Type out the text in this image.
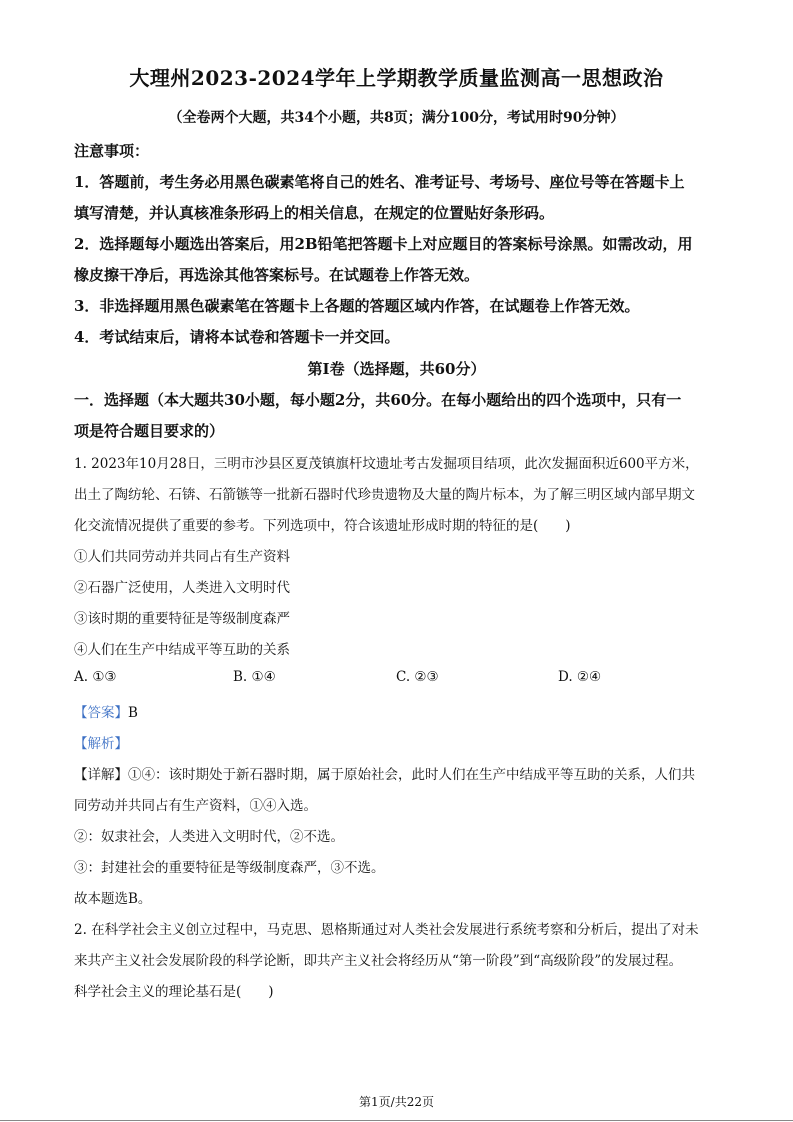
大理州2023-2024学年上学期教学质量监测高一思想政治
（全卷两个大题，共34个小题，共8页；满分100分，考试用时90分钟）
注意事项：
1．答题前，考生务必用黑色碳素笔将自己的姓名、准考证号、考场号、座位号等在答题卡上
填写清楚，并认真核准条形码上的相关信息，在规定的位置贴好条形码。
2．选择题每小题选出答案后，用2B铅笔把答题卡上对应题目的答案标号涂黑。如需改动，用
橡皮擦干净后，再选涂其他答案标号。在试题卷上作答无效。
3．非选择题用黑色碳素笔在答题卡上各题的答题区域内作答，在试题卷上作答无效。
4．考试结束后，请将本试卷和答题卡一并交回。
第I卷（选择题，共60分）
一．选择题（本大题共30小题，每小题2分，共60分。在每小题给出的四个选项中，只有一
项是符合题目要求的）
1. 2023年10月28日，三明市沙县区夏茂镇旗杆坟遗址考古发掘项目结项，此次发掘面积近600平方米，
出土了陶纺轮、石锛、石箭镞等一批新石器时代珍贵遗物及大量的陶片标本，为了解三明区域内部早期文
化交流情况提供了重要的参考。下列选项中，符合该遗址形成时期的特征的是(　　)
①人们共同劳动并共同占有生产资料
②石器广泛使用，人类进入文明时代
③该时期的重要特征是等级制度森严
④人们在生产中结成平等互助的关系
A. ①③	B. ①④	C. ②③	D. ②④
【答案】B
【解析】
【详解】①④：该时期处于新石器时期，属于原始社会，此时人们在生产中结成平等互助的关系，人们共
同劳动并共同占有生产资料，①④入选。
②：奴隶社会，人类进入文明时代，②不选。
③：封建社会的重要特征是等级制度森严，③不选。
故本题选B。
2. 在科学社会主义创立过程中，马克思、恩格斯通过对人类社会发展进行系统考察和分析后，提出了对未
来共产主义社会发展阶段的科学论断，即共产主义社会将经历从“第一阶段”到“高级阶段”的发展过程。
科学社会主义的理论基石是(　　)
第1页/共22页
